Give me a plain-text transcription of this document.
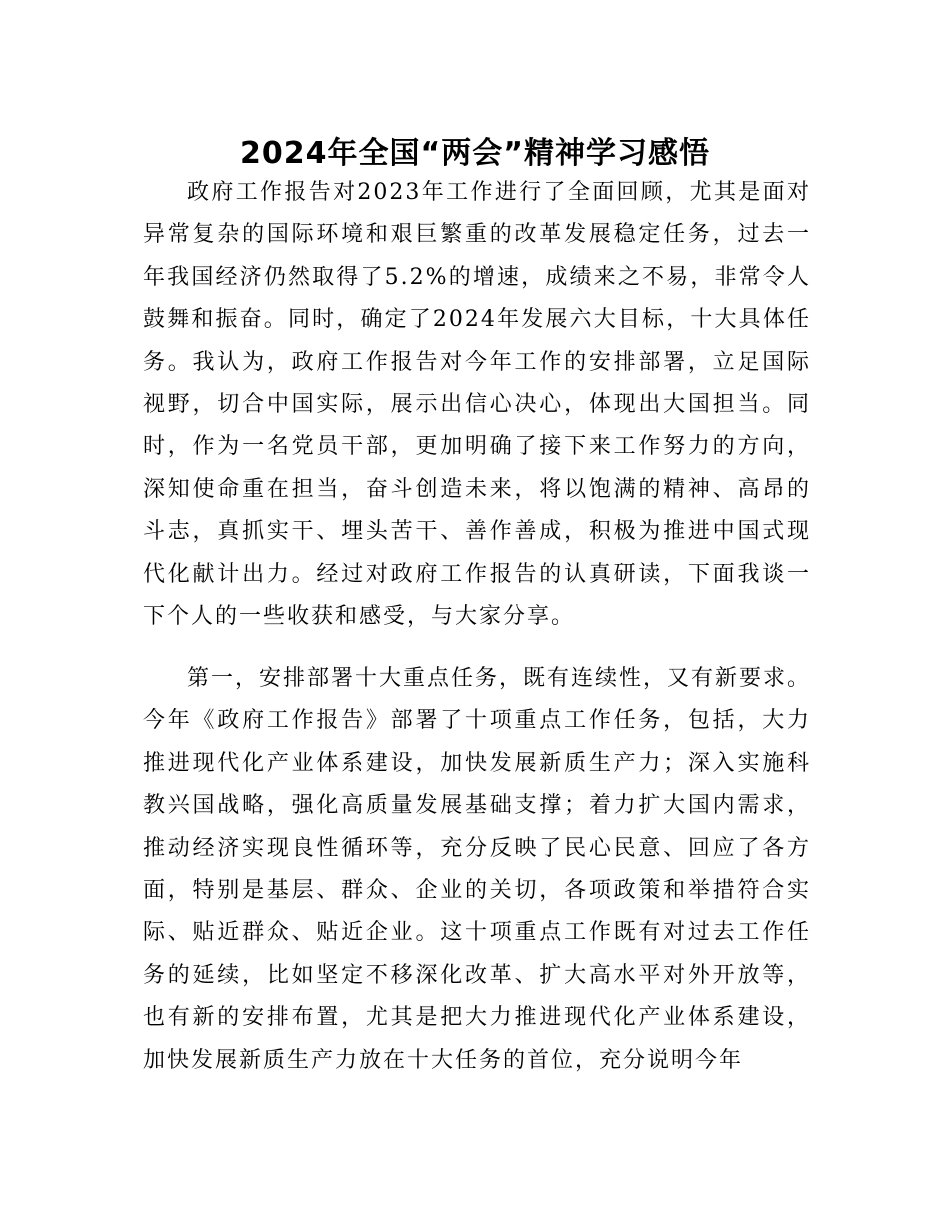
2024年全国“两会”精神学习感悟

政府工作报告对2023年工作进行了全面回顾，尤其是面对异常复杂的国际环境和艰巨繁重的改革发展稳定任务，过去一年我国经济仍然取得了5.2%的增速，成绩来之不易，非常令人鼓舞和振奋。同时，确定了2024年发展六大目标，十大具体任务。我认为，政府工作报告对今年工作的安排部署，立足国际视野，切合中国实际，展示出信心决心，体现出大国担当。同时，作为一名党员干部，更加明确了接下来工作努力的方向，深知使命重在担当，奋斗创造未来，将以饱满的精神、高昂的斗志，真抓实干、埋头苦干、善作善成，积极为推进中国式现代化献计出力。经过对政府工作报告的认真研读，下面我谈一下个人的一些收获和感受，与大家分享。

第一，安排部署十大重点任务，既有连续性，又有新要求。今年《政府工作报告》部署了十项重点工作任务，包括，大力推进现代化产业体系建设，加快发展新质生产力；深入实施科教兴国战略，强化高质量发展基础支撑；着力扩大国内需求，推动经济实现良性循环等，充分反映了民心民意、回应了各方面，特别是基层、群众、企业的关切，各项政策和举措符合实际、贴近群众、贴近企业。这十项重点工作既有对过去工作任务的延续，比如坚定不移深化改革、扩大高水平对外开放等，也有新的安排布置，尤其是把大力推进现代化产业体系建设，加快发展新质生产力放在十大任务的首位，充分说明今年
